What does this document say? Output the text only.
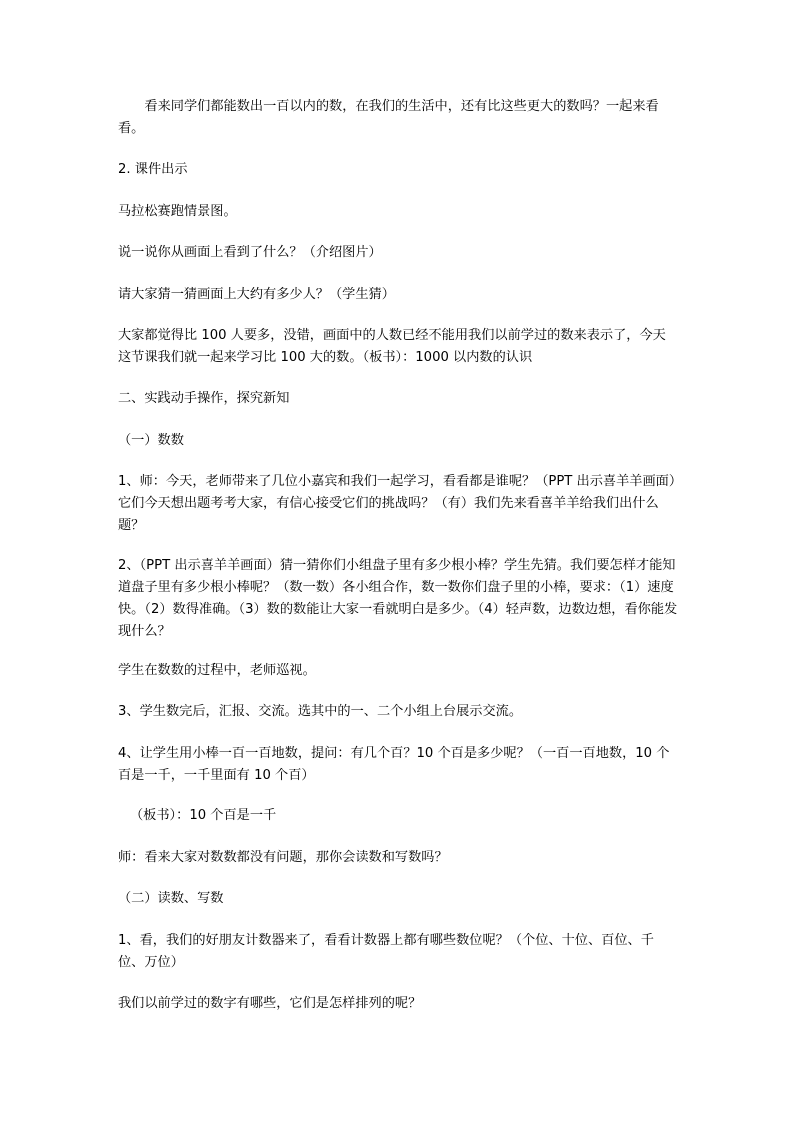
看来同学们都能数出一百以内的数，在我们的生活中，还有比这些更大的数吗？一起来看看。

2. 课件出示

马拉松赛跑情景图。

说一说你从画面上看到了什么？（介绍图片）

请大家猜一猜画面上大约有多少人？（学生猜）

大家都觉得比 100 人要多，没错，画面中的人数已经不能用我们以前学过的数来表示了，今天这节课我们就一起来学习比 100 大的数。（板书）：1000 以内数的认识

二、实践动手操作，探究新知

（一）数数

1、师：今天，老师带来了几位小嘉宾和我们一起学习，看看都是谁呢？（PPT 出示喜羊羊画面）它们今天想出题考考大家，有信心接受它们的挑战吗？（有）我们先来看喜羊羊给我们出什么题？

2、（PPT 出示喜羊羊画面）猜一猜你们小组盘子里有多少根小棒？学生先猜。我们要怎样才能知道盘子里有多少根小棒呢？（数一数）各小组合作，数一数你们盘子里的小棒，要求：（1）速度快。（2）数得准确。（3）数的数能让大家一看就明白是多少。（4）轻声数，边数边想，看你能发现什么？

学生在数数的过程中，老师巡视。

3、学生数完后，汇报、交流。选其中的一、二个小组上台展示交流。

4、让学生用小棒一百一百地数，提问：有几个百？10 个百是多少呢？（一百一百地数，10 个百是一千，一千里面有 10 个百）

（板书）：10 个百是一千

师：看来大家对数数都没有问题，那你会读数和写数吗？

（二）读数、写数

1、看，我们的好朋友计数器来了，看看计数器上都有哪些数位呢？（个位、十位、百位、千位、万位）

我们以前学过的数字有哪些，它们是怎样排列的呢？
